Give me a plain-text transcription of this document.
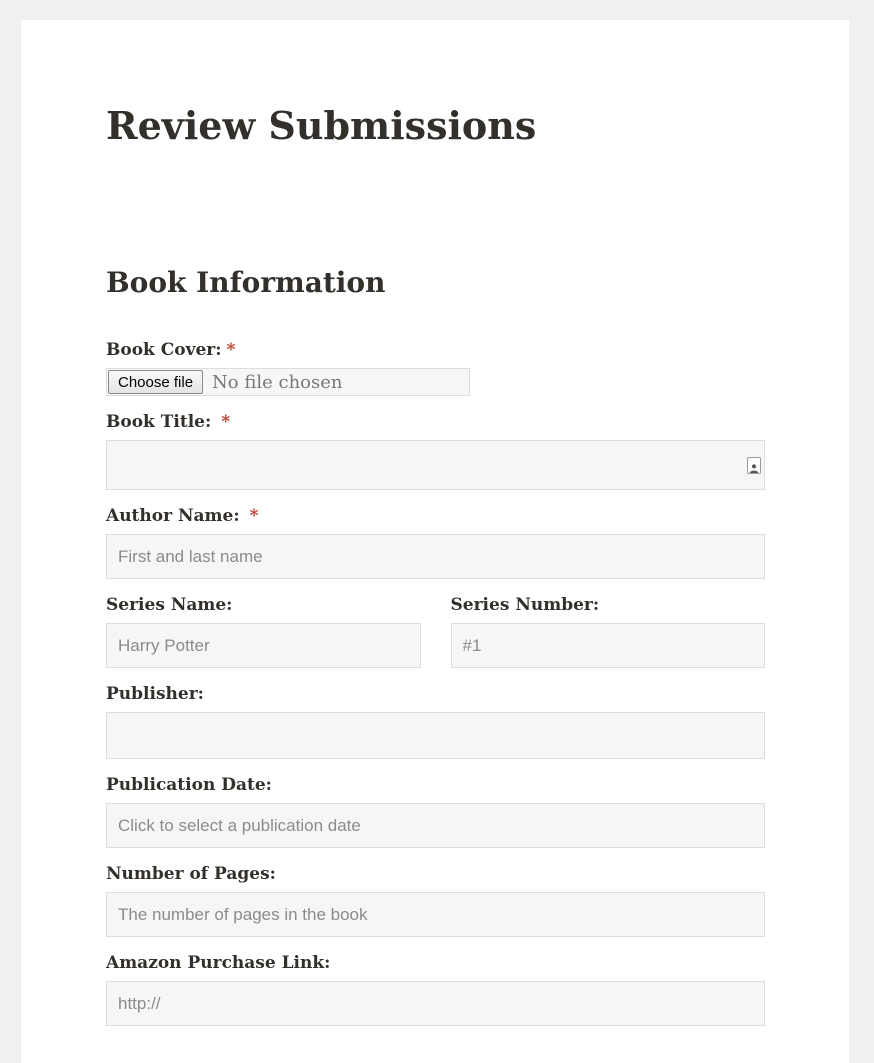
Review Submissions
Book Information
Book Cover: *
Choose file	No file chosen
Book Title: *
Author Name: *
First and last name
Series Name:
Harry Potter	Series Number:
#1
Publisher:
Publication Date:
Click to select a publication date
Number of Pages:
The number of pages in the book
Amazon Purchase Link:
http://
